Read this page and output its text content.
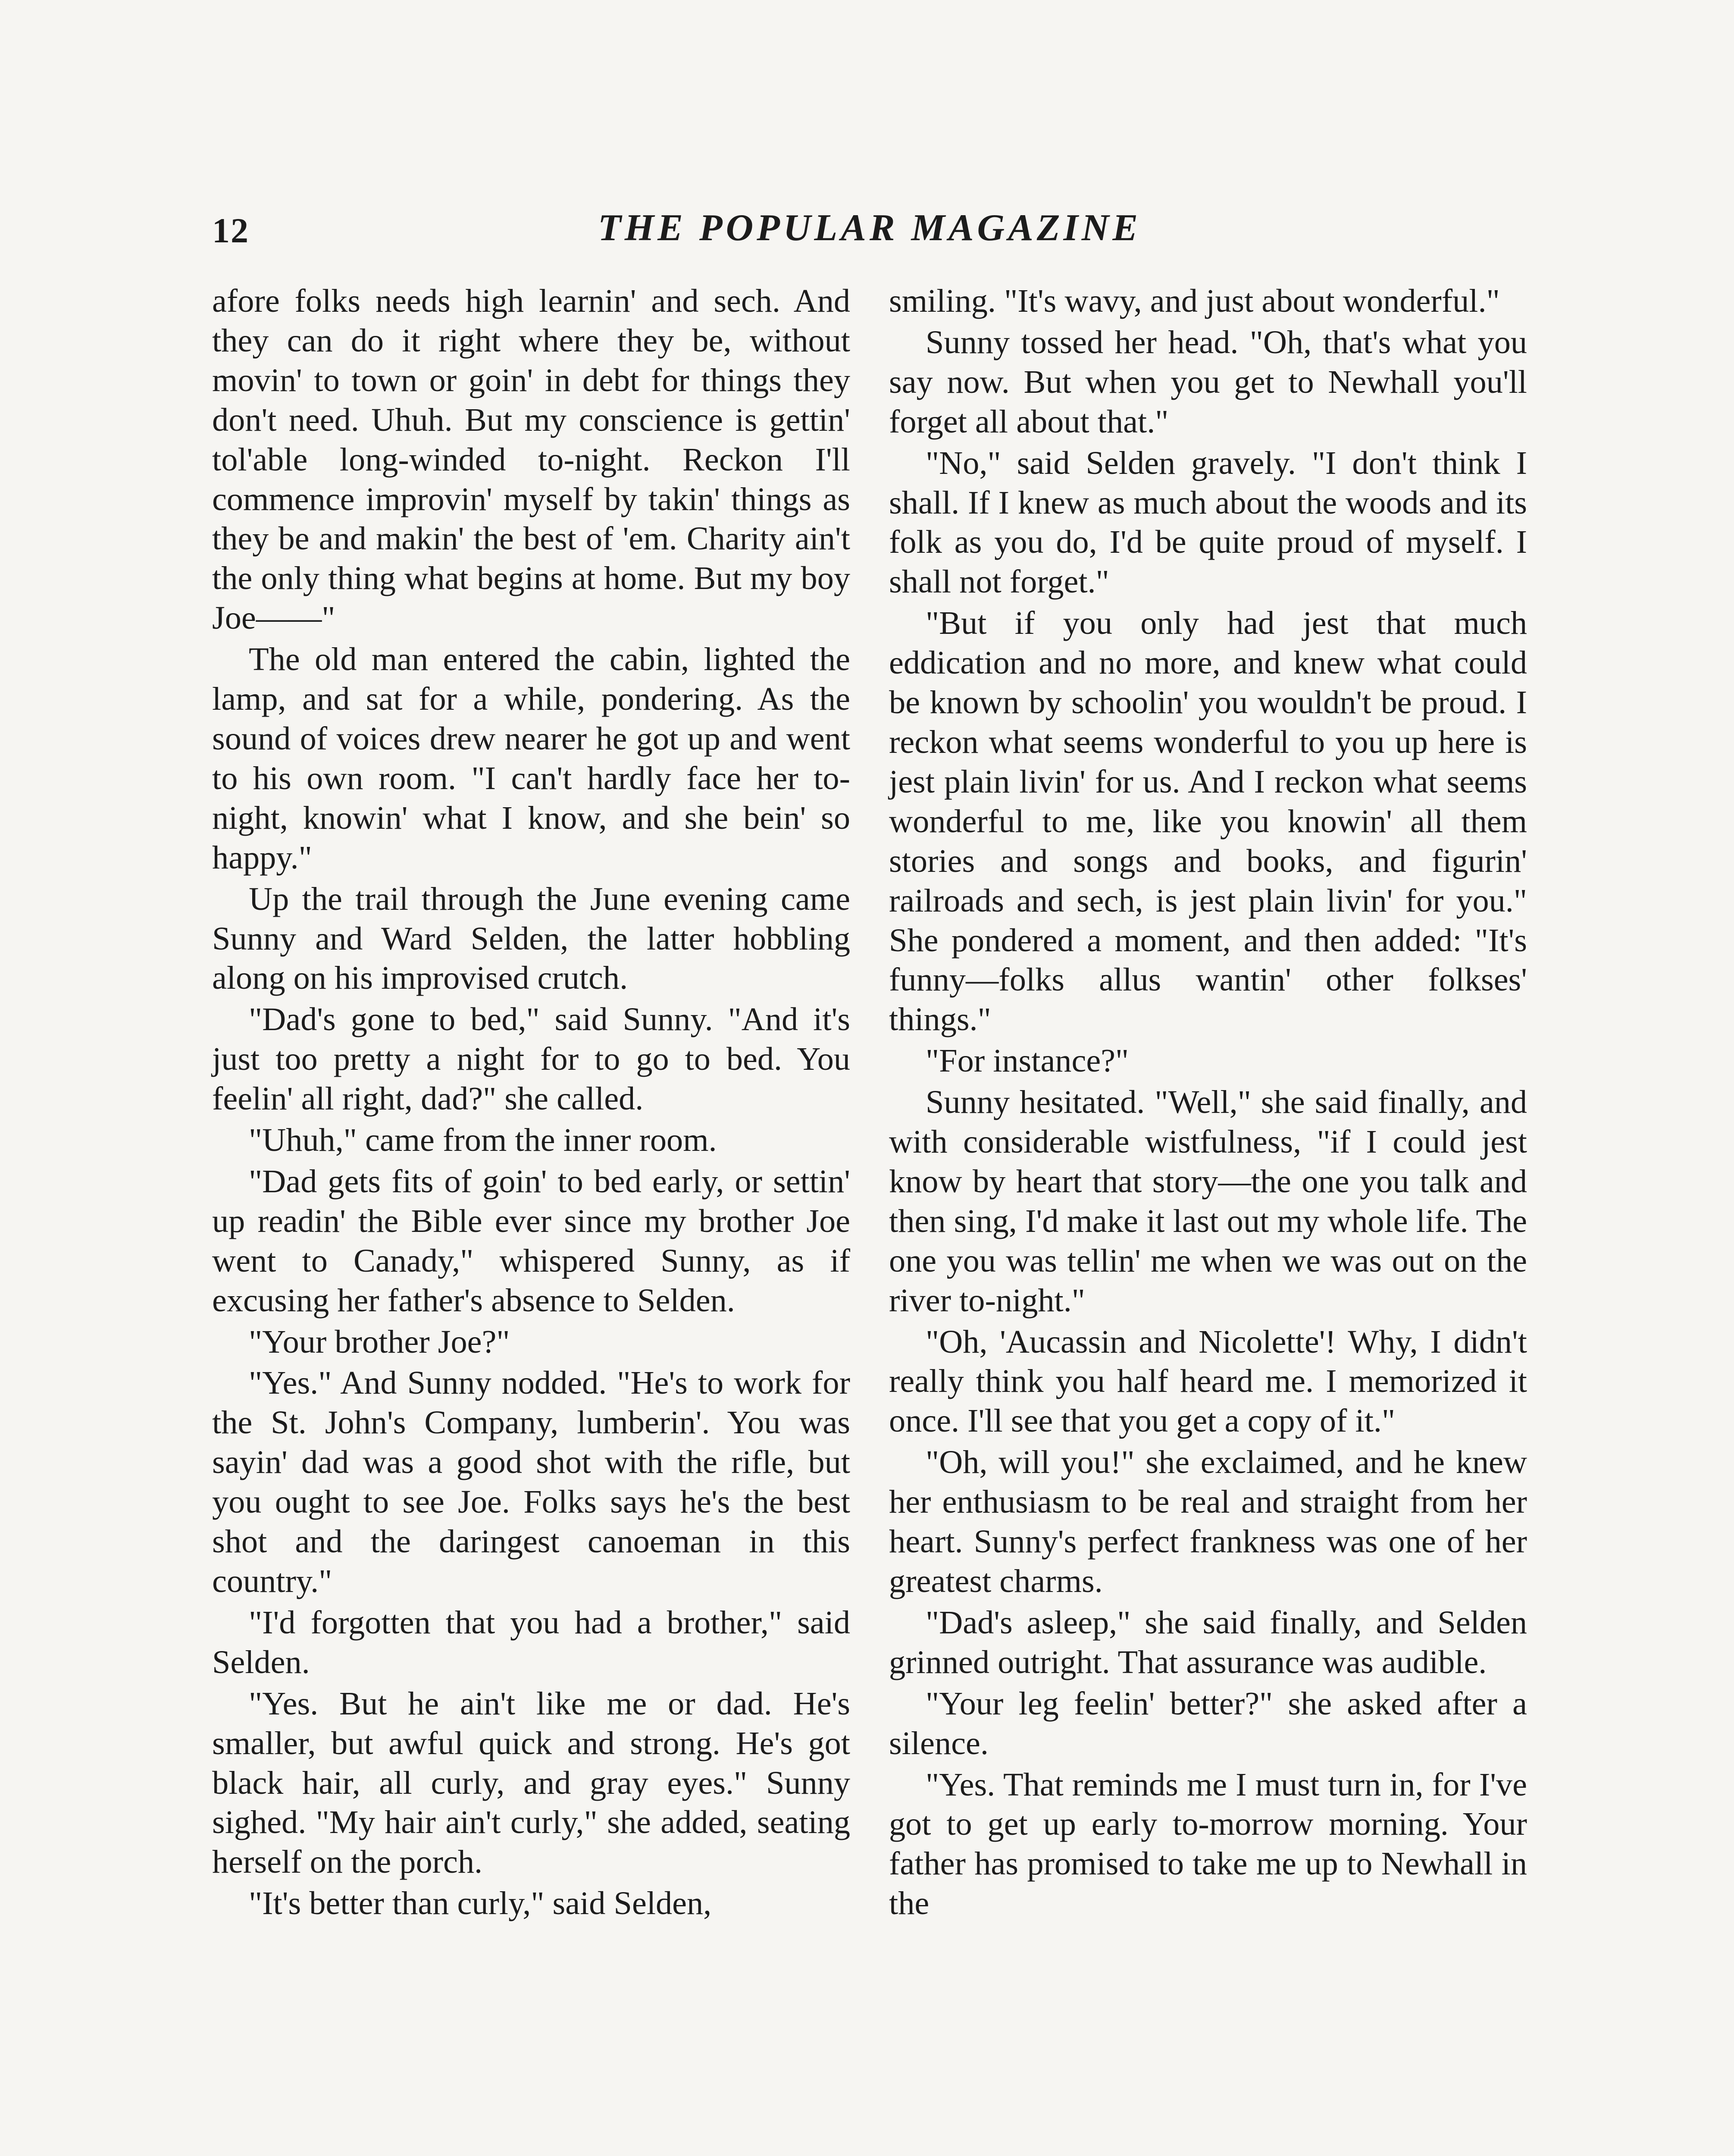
12	THE POPULAR MAGAZINE

afore folks needs high learnin' and sech. And they can do it right where they be, without movin' to town or goin' in debt for things they don't need. Uhuh. But my conscience is gettin' tol'able long-winded to-night. Reckon I'll commence improvin' myself by takin' things as they be and makin' the best of 'em. Charity ain't the only thing what begins at home. But my boy Joe——"

The old man entered the cabin, lighted the lamp, and sat for a while, pondering. As the sound of voices drew nearer he got up and went to his own room. "I can't hardly face her to-night, knowin' what I know, and she bein' so happy."

Up the trail through the June evening came Sunny and Ward Selden, the latter hobbling along on his improvised crutch.

"Dad's gone to bed," said Sunny. "And it's just too pretty a night for to go to bed. You feelin' all right, dad?" she called.

"Uhuh," came from the inner room.

"Dad gets fits of goin' to bed early, or settin' up readin' the Bible ever since my brother Joe went to Canady," whispered Sunny, as if excusing her father's absence to Selden.

"Your brother Joe?"

"Yes." And Sunny nodded. "He's to work for the St. John's Company, lumberin'. You was sayin' dad was a good shot with the rifle, but you ought to see Joe. Folks says he's the best shot and the daringest canoeman in this country."

"I'd forgotten that you had a brother," said Selden.

"Yes. But he ain't like me or dad. He's smaller, but awful quick and strong. He's got black hair, all curly, and gray eyes." Sunny sighed. "My hair ain't curly," she added, seating herself on the porch.

"It's better than curly," said Selden,

smiling. "It's wavy, and just about wonderful."

Sunny tossed her head. "Oh, that's what you say now. But when you get to Newhall you'll forget all about that."

"No," said Selden gravely. "I don't think I shall. If I knew as much about the woods and its folk as you do, I'd be quite proud of myself. I shall not forget."

"But if you only had jest that much eddication and no more, and knew what could be known by schoolin' you wouldn't be proud. I reckon what seems wonderful to you up here is jest plain livin' for us. And I reckon what seems wonderful to me, like you knowin' all them stories and songs and books, and figurin' railroads and sech, is jest plain livin' for you." She pondered a moment, and then added: "It's funny—folks allus wantin' other folkses' things."

"For instance?"

Sunny hesitated. "Well," she said finally, and with considerable wistfulness, "if I could jest know by heart that story—the one you talk and then sing, I'd make it last out my whole life. The one you was tellin' me when we was out on the river to-night."

"Oh, 'Aucassin and Nicolette'! Why, I didn't really think you half heard me. I memorized it once. I'll see that you get a copy of it."

"Oh, will you!" she exclaimed, and he knew her enthusiasm to be real and straight from her heart. Sunny's perfect frankness was one of her greatest charms.

"Dad's asleep," she said finally, and Selden grinned outright. That assurance was audible.

"Your leg feelin' better?" she asked after a silence.

"Yes. That reminds me I must turn in, for I've got to get up early to-morrow morning. Your father has promised to take me up to Newhall in the
